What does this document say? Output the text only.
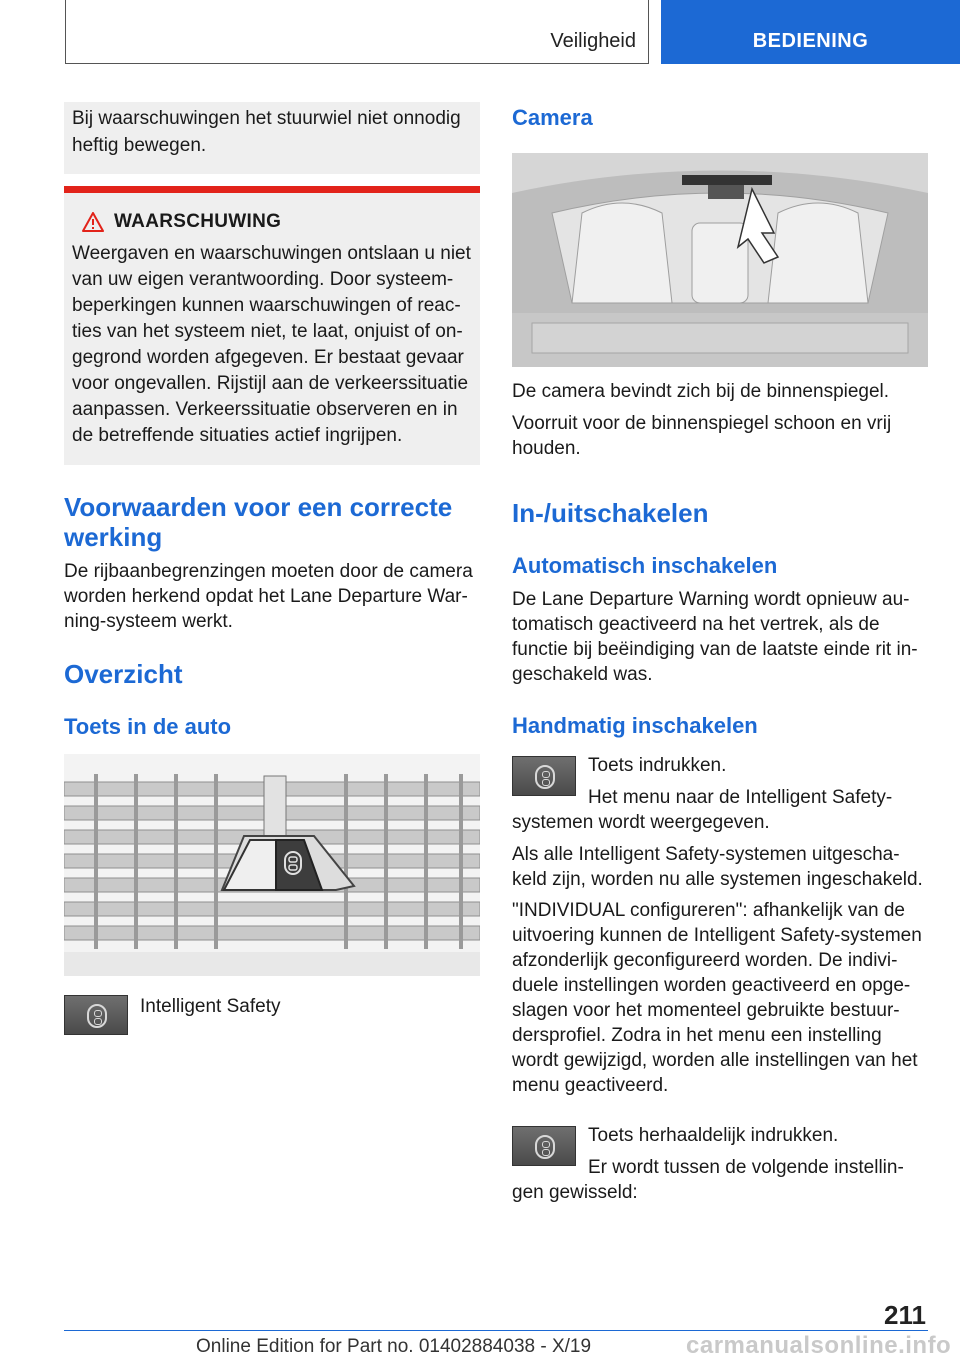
Veiligheid	BEDIENING
Bij waarschuwingen het stuurwiel niet onnodig heftig bewegen.
WAARSCHUWING
Weergaven en waarschuwingen ontslaan u niet van uw eigen verantwoording. Door systeem-beperkingen kunnen waarschuwingen of reac-ties van het systeem niet, te laat, onjuist of on-gegrond worden afgegeven. Er bestaat gevaar voor ongevallen. Rijstijl aan de verkeerssituatie aanpassen. Verkeerssituatie observeren en in de betreffende situaties actief ingrijpen.
Voorwaarden voor een correcte werking
De rijbaanbegrenzingen moeten door de camera worden herkend opdat het Lane Departure War-ning-systeem werkt.
Overzicht
Toets in de auto
Intelligent Safety
Camera
De camera bevindt zich bij de binnenspiegel.
Voorruit voor de binnenspiegel schoon en vrij houden.
In-/uitschakelen
Automatisch inschakelen
De Lane Departure Warning wordt opnieuw au-tomatisch geactiveerd na het vertrek, als de functie bij beëindiging van de laatste einde rit in-geschakeld was.
Handmatig inschakelen
Toets indrukken.
Het menu naar de Intelligent Safety-
systemen wordt weergegeven.
Als alle Intelligent Safety-systemen uitgescha-keld zijn, worden nu alle systemen ingeschakeld.
"INDIVIDUAL configureren": afhankelijk van de uitvoering kunnen de Intelligent Safety-systemen afzonderlijk geconfigureerd worden. De indivi-duele instellingen worden geactiveerd en opge-slagen voor het momenteel gebruikte bestuur-dersprofiel. Zodra in het menu een instelling wordt gewijzigd, worden alle instellingen van het menu geactiveerd.
Toets herhaaldelijk indrukken.
Er wordt tussen de volgende instellin-
gen gewisseld:
211
Online Edition for Part no. 01402884038 - X/19	carmanualsonline.info
